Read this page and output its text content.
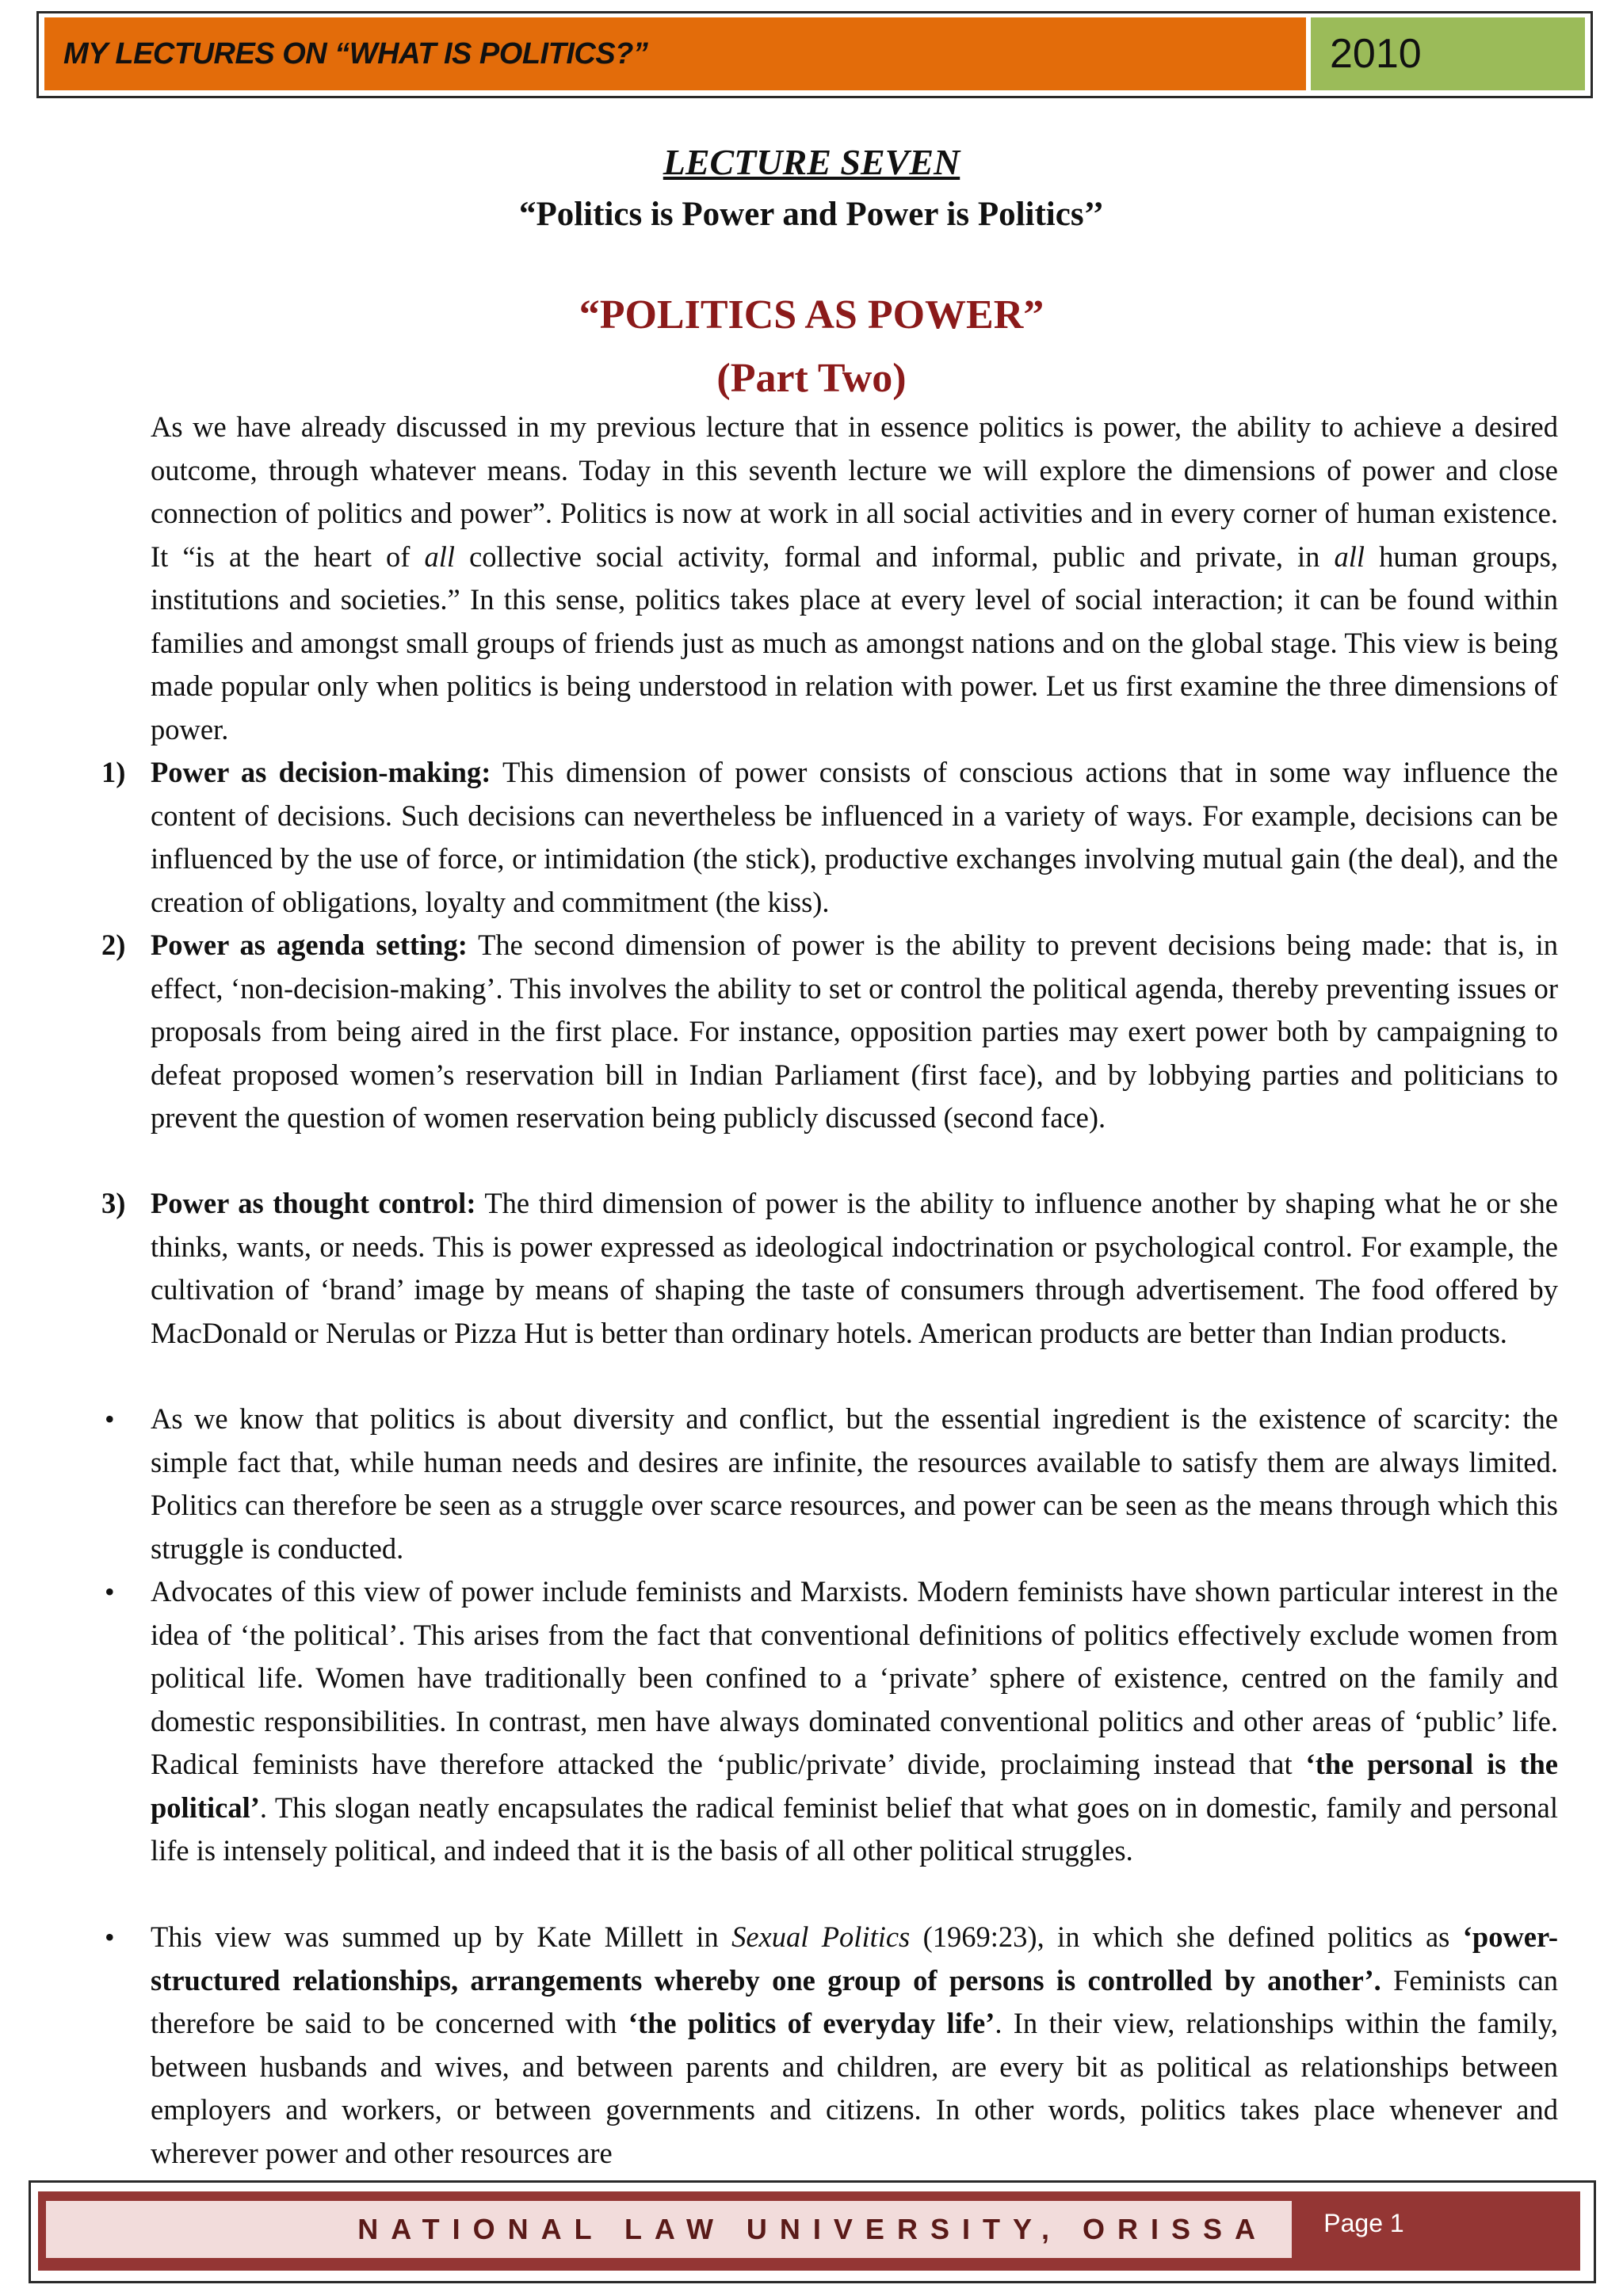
MY LECTURES ON “WHAT IS POLITICS?”	2010
LECTURE SEVEN
“Politics is Power and Power is Politics’’
“POLITICS AS POWER”
(Part Two)

As we have already discussed in my previous lecture that in essence politics is power, the ability to achieve a desired outcome, through whatever means. Today in this seventh lecture we will explore the dimensions of power and close connection of politics and power”. Politics is now at work in all social activities and in every corner of human existence. It “is at the heart of all collective social activity, formal and informal, public and private, in all human groups, institutions and societies.” In this sense, politics takes place at every level of social interaction; it can be found within families and amongst small groups of friends just as much as amongst nations and on the global stage. This view is being made popular only when politics is being understood in relation with power. Let us first examine the three dimensions of power.

1) Power as decision-making: This dimension of power consists of conscious actions that in some way influence the content of decisions. Such decisions can nevertheless be influenced in a variety of ways. For example, decisions can be influenced by the use of force, or intimidation (the stick), productive exchanges involving mutual gain (the deal), and the creation of obligations, loyalty and commitment (the kiss).

2) Power as agenda setting: The second dimension of power is the ability to prevent decisions being made: that is, in effect, ‘non-decision-making’. This involves the ability to set or control the political agenda, thereby preventing issues or proposals from being aired in the first place. For instance, opposition parties may exert power both by campaigning to defeat proposed women’s reservation bill in Indian Parliament (first face), and by lobbying parties and politicians to prevent the question of women reservation being publicly discussed (second face).

3) Power as thought control: The third dimension of power is the ability to influence another by shaping what he or she thinks, wants, or needs. This is power expressed as ideological indoctrination or psychological control. For example, the cultivation of ‘brand’ image by means of shaping the taste of consumers through advertisement. The food offered by MacDonald or Nerulas or Pizza Hut is better than ordinary hotels. American products are better than Indian products.

• As we know that politics is about diversity and conflict, but the essential ingredient is the existence of scarcity: the simple fact that, while human needs and desires are infinite, the resources available to satisfy them are always limited. Politics can therefore be seen as a struggle over scarce resources, and power can be seen as the means through which this struggle is conducted.

• Advocates of this view of power include feminists and Marxists. Modern feminists have shown particular interest in the idea of ‘the political’. This arises from the fact that conventional definitions of politics effectively exclude women from political life. Women have traditionally been confined to a ‘private’ sphere of existence, centred on the family and domestic responsibilities. In contrast, men have always dominated conventional politics and other areas of ‘public’ life. Radical feminists have therefore attacked the ‘public/private’ divide, proclaiming instead that ‘the personal is the political’. This slogan neatly encapsulates the radical feminist belief that what goes on in domestic, family and personal life is intensely political, and indeed that it is the basis of all other political struggles.

• This view was summed up by Kate Millett in Sexual Politics (1969:23), in which she defined politics as ‘power-structured relationships, arrangements whereby one group of persons is controlled by another’. Feminists can therefore be said to be concerned with ‘the politics of everyday life’. In their view, relationships within the family, between husbands and wives, and between parents and children, are every bit as political as relationships between employers and workers, or between governments and citizens. In other words, politics takes place whenever and wherever power and other resources are

NATIONAL LAW UNIVERSITY, ORISSA Page 1
